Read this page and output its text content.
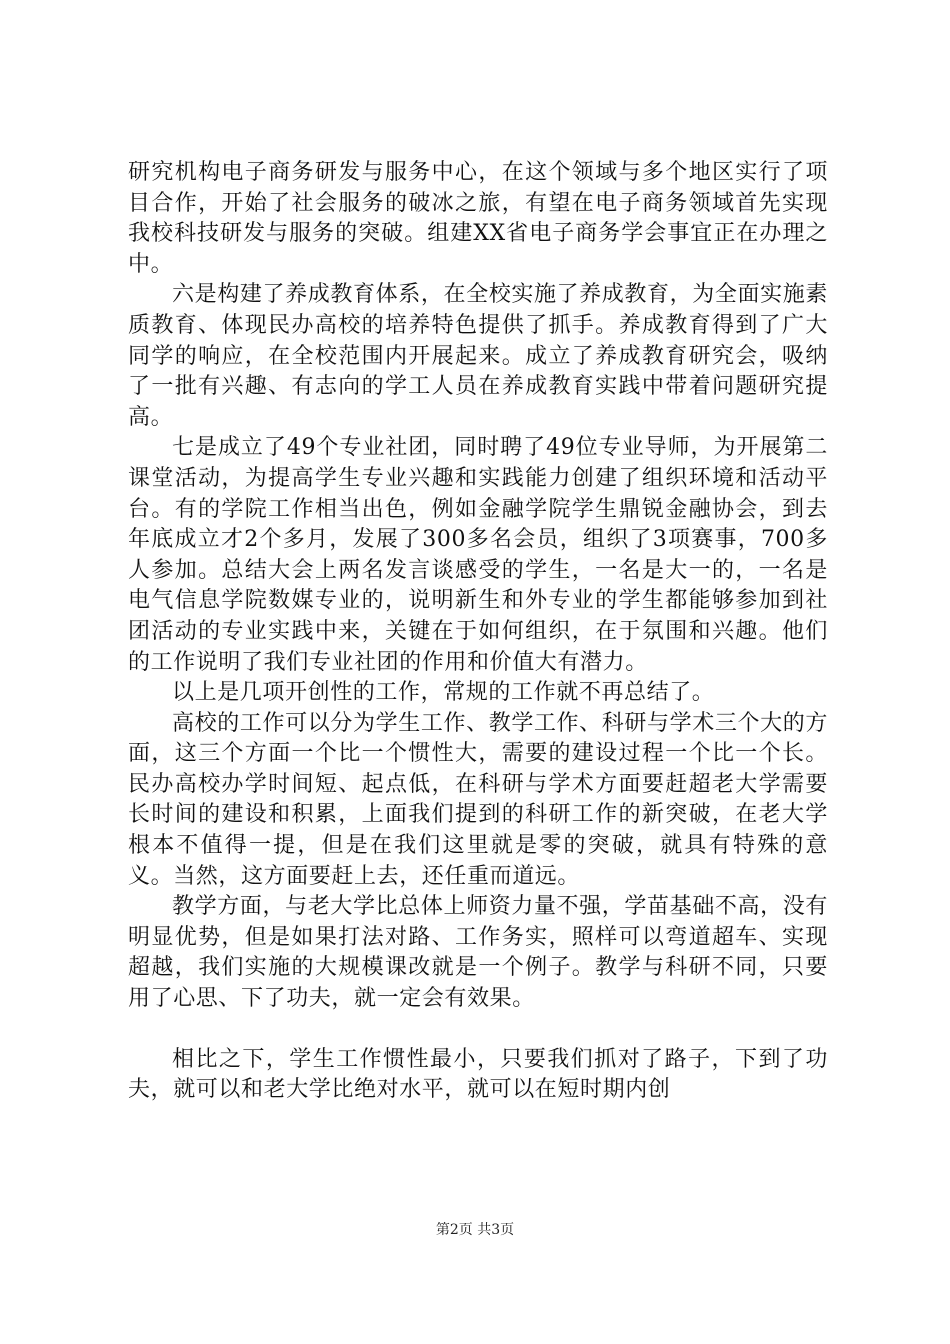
研究机构电子商务研发与服务中心，在这个领域与多个地区实行了项目合作，开始了社会服务的破冰之旅，有望在电子商务领域首先实现我校科技研发与服务的突破。组建XX省电子商务学会事宜正在办理之中。

六是构建了养成教育体系，在全校实施了养成教育，为全面实施素质教育、体现民办高校的培养特色提供了抓手。养成教育得到了广大同学的响应，在全校范围内开展起来。成立了养成教育研究会，吸纳了一批有兴趣、有志向的学工人员在养成教育实践中带着问题研究提高。

七是成立了49个专业社团，同时聘了49位专业导师，为开展第二课堂活动，为提高学生专业兴趣和实践能力创建了组织环境和活动平台。有的学院工作相当出色，例如金融学院学生鼎锐金融协会，到去年底成立才2个多月，发展了300多名会员，组织了3项赛事，700多人参加。总结大会上两名发言谈感受的学生，一名是大一的，一名是电气信息学院数媒专业的，说明新生和外专业的学生都能够参加到社团活动的专业实践中来，关键在于如何组织，在于氛围和兴趣。他们的工作说明了我们专业社团的作用和价值大有潜力。

以上是几项开创性的工作，常规的工作就不再总结了。

高校的工作可以分为学生工作、教学工作、科研与学术三个大的方面，这三个方面一个比一个惯性大，需要的建设过程一个比一个长。民办高校办学时间短、起点低，在科研与学术方面要赶超老大学需要长时间的建设和积累，上面我们提到的科研工作的新突破，在老大学根本不值得一提，但是在我们这里就是零的突破，就具有特殊的意义。当然，这方面要赶上去，还任重而道远。

教学方面，与老大学比总体上师资力量不强，学苗基础不高，没有明显优势，但是如果打法对路、工作务实，照样可以弯道超车、实现超越，我们实施的大规模课改就是一个例子。教学与科研不同，只要用了心思、下了功夫，就一定会有效果。

相比之下，学生工作惯性最小，只要我们抓对了路子，下到了功夫，就可以和老大学比绝对水平，就可以在短时期内创

第2页 共3页
